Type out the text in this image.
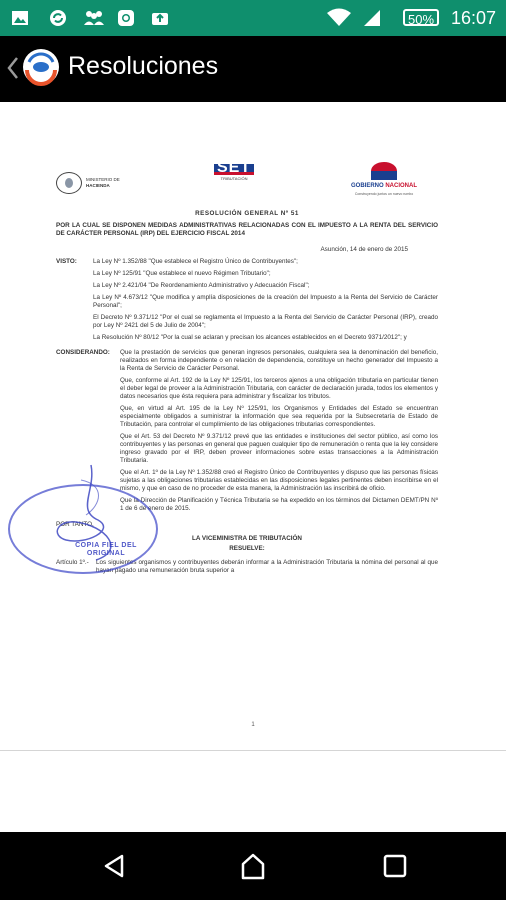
50% 16:07
Resoluciones
MINISTERIO DE
HACIENDA
SET
TRIBUTACIÓN
GOBIERNO NACIONAL
Construyendo juntos un nuevo rumbo
RESOLUCIÓN GENERAL Nº 51
POR LA CUAL SE DISPONEN MEDIDAS ADMINISTRATIVAS RELACIONADAS CON EL IMPUESTO A LA RENTA DEL SERVICIO DE CARÁCTER PERSONAL (IRP) DEL EJERCICIO FISCAL 2014
Asunción, 14 de enero de 2015
VISTO:	La Ley Nº 1.352/88 "Que establece el Registro Único de Contribuyentes";

La Ley Nº 125/91 "Que establece el nuevo Régimen Tributario";

La Ley Nº 2.421/04 "De Reordenamiento Administrativo y Adecuación Fiscal";

La Ley Nº 4.673/12 "Que modifica y amplía disposiciones de la creación del Impuesto a la Renta del Servicio de Carácter Personal";

El Decreto Nº 9.371/12 "Por el cual se reglamenta el Impuesto a la Renta del Servicio de Carácter Personal (IRP), creado por Ley Nº 2421 del 5 de Julio de 2004";

La Resolución Nº 80/12 "Por la cual se aclaran y precisan los alcances establecidos en el Decreto 9371/2012"; y

CONSIDERANDO:	Que la prestación de servicios que generan ingresos personales, cualquiera sea la denominación del beneficio, realizados en forma independiente o en relación de dependencia, constituye un hecho generador del Impuesto a la Renta de Servicio de Carácter Personal.

Que, conforme al Art. 192 de la Ley Nº 125/91, los terceros ajenos a una obligación tributaria en particular tienen el deber legal de proveer a la Administración Tributaria, con carácter de declaración jurada, todos los elementos y datos necesarios que ésta requiera para administrar y fiscalizar los tributos.

Que, en virtud al Art. 195 de la Ley Nº 125/91, los Organismos y Entidades del Estado se encuentran especialmente obligados a suministrar la información que sea requerida por la Subsecretaría de Estado de Tributación, para controlar el cumplimiento de las obligaciones tributarias correspondientes.

Que el Art. 53 del Decreto Nº 9.371/12 prevé que las entidades e instituciones del sector público, así como los contribuyentes y las personas en general que paguen cualquier tipo de remuneración o renta que la ley considere ingreso gravado por el IRP, deben proveer informaciones sobre estas transacciones a la Administración Tributaria.

Que el Art. 1º de la Ley Nº 1.352/88 creó el Registro Único de Contribuyentes y dispuso que las personas físicas sujetas a las obligaciones tributarias establecidas en las disposiciones legales pertinentes deben inscribirse en el mismo, y que en caso de no proceder de esta manera, la Administración las inscribirá de oficio.

Que la Dirección de Planificación y Técnica Tributaria se ha expedido en los términos del Dictamen DEMT/PN Nº 1 de 6 de enero de 2015.

POR TANTO,
LA VICEMINISTRA DE TRIBUTACIÓN
RESUELVE:
Artículo 1º.-	Los siguientes organismos y contribuyentes deberán informar a la Administración Tributaria la nómina del personal al que hayan pagado una remuneración bruta superior a

COPIA FIEL DEL ORIGINAL
1
